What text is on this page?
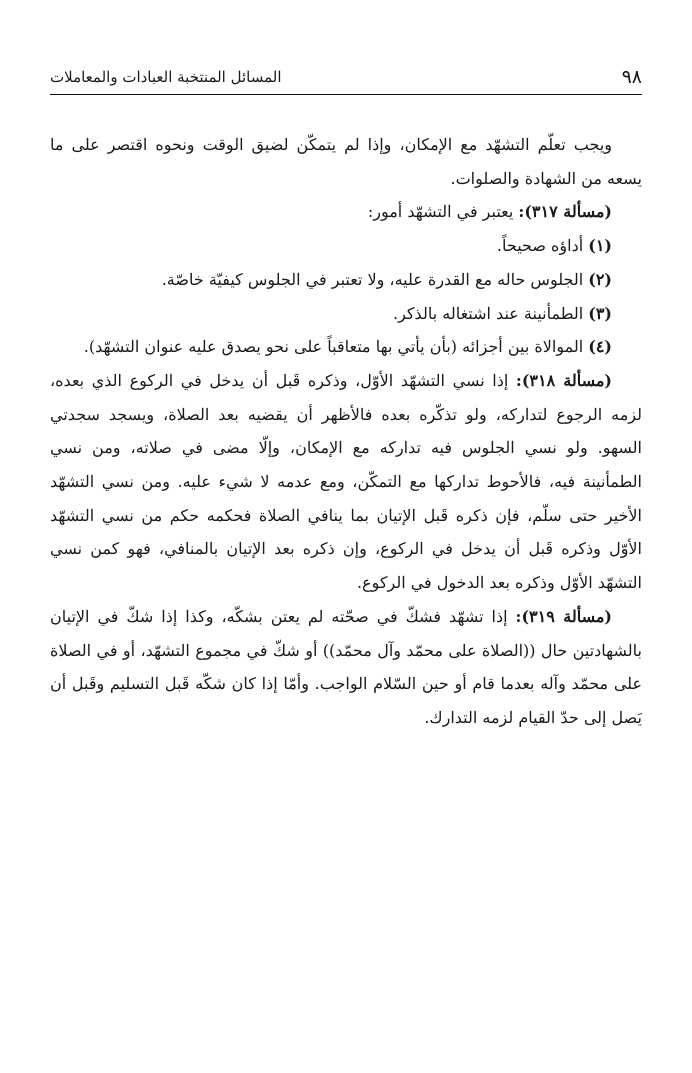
٩٨
المسائل المنتخبة العبادات والمعاملات

ويجب تعلّم التشهّد مع الإمكان، وإذا لم يتمكّن لضيق الوقت ونحوه اقتصر على ما يسعه من الشهادة والصلوات.

(مسألة ٣١٧): يعتبر في التشهّد أمور:

(١) أداؤه صحيحاً.

(٢) الجلوس حاله مع القدرة عليه، ولا تعتبر في الجلوس كيفيّة خاصّة.

(٣) الطمأنينة عند اشتغاله بالذكر.

(٤) الموالاة بين أجزائه (بأن يأتي بها متعاقباً على نحو يصدق عليه عنوان التشهّد).

(مسألة ٣١٨): إذا نسي التشهّد الأوّل، وذكره قَبل أن يدخل في الركوع الذي بعده، لزمه الرجوع لتداركه، ولو تذكّره بعده فالأظهر أن يقضيه بعد الصلاة، ويسجد سجدتي السهو. ولو نسي الجلوس فيه تداركه مع الإمكان، وإلّا مضى في صلاته، ومن نسي الطمأنينة فيه، فالأحوط تداركها مع التمكّن، ومع عدمه لا شيء عليه. ومن نسي التشهّد الأخير حتى سلّم، فإن ذكره قَبل الإتيان بما ينافي الصلاة فحكمه حكم من نسي التشهّد الأوّل وذكره قَبل أن يدخل في الركوع، وإن ذكره بعد الإتيان بالمنافي، فهو كمن نسي التشهّد الأوّل وذكره بعد الدخول في الركوع.

(مسألة ٣١٩): إذا تشهّد فشكّ في صحّته لم يعتن بشكّه، وكذا إذا شكّ في الإتيان بالشهادتين حال ((الصلاة على محمّد وآل محمّد)) أو شكّ في مجموع التشهّد، أو في الصلاة على محمّد وآله بعدما قام أو حين السّلام الواجب. وأمّا إذا كان شكّه قَبل التسليم وقَبل أن يَصل إلى حدّ القيام لزمه التدارك.
